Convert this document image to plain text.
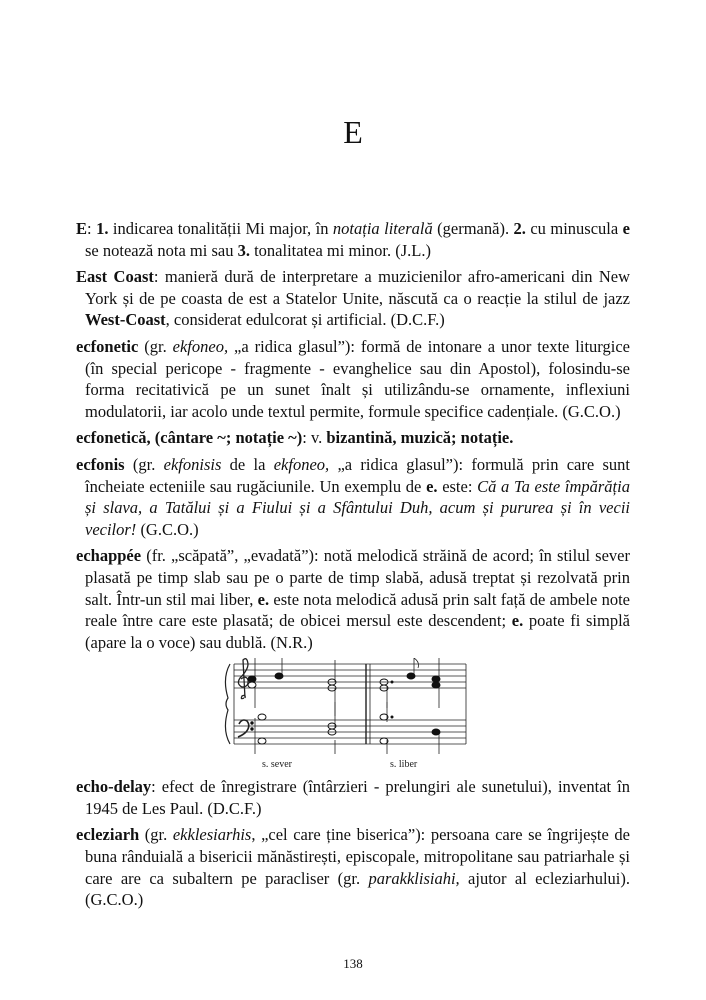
E

E: 1. indicarea tonalității Mi major, în notația literală (germană). 2. cu minuscula e se notează nota mi sau 3. tonalitatea mi minor. (J.L.)

East Coast: manieră dură de interpretare a muzicienilor afro-americani din New York și de pe coasta de est a Statelor Unite, născută ca o reacție la stilul de jazz West-Coast, considerat edulcorat și artificial. (D.C.F.)

ecfonetic (gr. ekfoneo, „a ridica glasul”): formă de intonare a unor texte liturgice (în special pericope - fragmente - evanghelice sau din Apostol), folosindu-se forma recitativică pe un sunet înalt și utilizându-se ornamente, inflexiuni modulatorii, iar acolo unde textul permite, formule specifice cadențiale. (G.C.O.)

ecfonetică, (cântare ~; notație ~): v. bizantină, muzică; notație.

ecfonis (gr. ekfonisis de la ekfoneo, „a ridica glasul”): formulă prin care sunt încheiate ecteniile sau rugăciunile. Un exemplu de e. este: Că a Ta este împărăția și slava, a Tatălui și a Fiului și a Sfântului Duh, acum și pururea și în vecii vecilor! (G.C.O.)

echappée (fr. „scăpată”, „evadată”): notă melodică străină de acord; în stilul sever plasată pe timp slab sau pe o parte de timp slabă, adusă treptat și rezolvată prin salt. Într-un stil mai liber, e. este nota melodică adusă prin salt față de ambele note reale între care este plasată; de obicei mersul este descendent; e. poate fi simplă (apare la o voce) sau dublă. (N.R.)

s. sever	s. liber

echo-delay: efect de înregistrare (întârzieri - prelungiri ale sunetului), inventat în 1945 de Les Paul. (D.C.F.)

ecleziarh (gr. ekklesiarhis, „cel care ține biserica”): persoana care se îngrijește de buna rânduială a bisericii mănăstirești, episcopale, mitropolitane sau patriarhale și care are ca subaltern pe paracliser (gr. parakklisiahi, ajutor al ecleziarhului). (G.C.O.)

138
